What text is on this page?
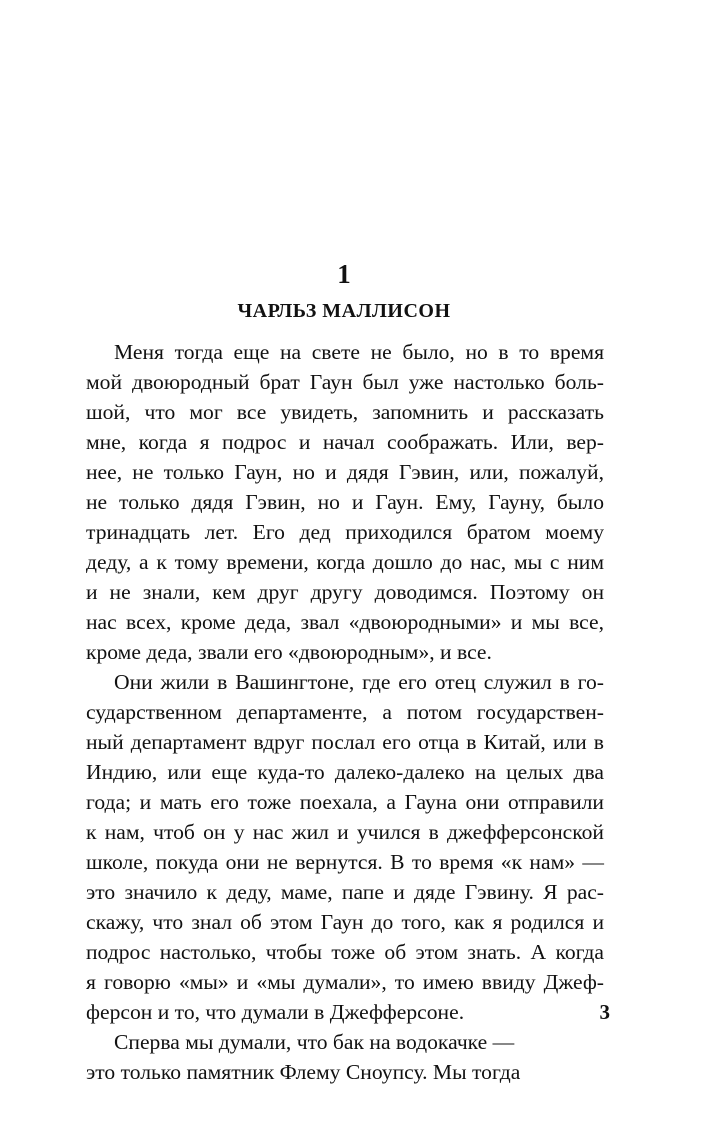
1
ЧАРЛЬЗ МАЛЛИСОН
Меня тогда еще на свете не было, но в то время
мой двоюродный брат Гаун был уже настолько боль-
шой, что мог все увидеть, запомнить и рассказать
мне, когда я подрос и начал соображать. Или, вер-
нее, не только Гаун, но и дядя Гэвин, или, пожалуй,
не только дядя Гэвин, но и Гаун. Ему, Гауну, было
тринадцать лет. Его дед приходился братом моему
деду, а к тому времени, когда дошло до нас, мы с ним
и не знали, кем друг другу доводимся. Поэтому он
нас всех, кроме деда, звал «двоюродными» и мы все,
кроме деда, звали его «двоюродным», и все.
Они жили в Вашингтоне, где его отец служил в го-
сударственном департаменте, а потом государствен-
ный департамент вдруг послал его отца в Китай, или в
Индию, или еще куда-то далеко-далеко на целых два
года; и мать его тоже поехала, а Гауна они отправили
к нам, чтоб он у нас жил и учился в джефферсонской
школе, покуда они не вернутся. В то время «к нам» —
это значило к деду, маме, папе и дяде Гэвину. Я рас-
скажу, что знал об этом Гаун до того, как я родился и
подрос настолько, чтобы тоже об этом знать. А когда
я говорю «мы» и «мы думали», то имею ввиду Джеф-
ферсон и то, что думали в Джефферсоне.
Сперва мы думали, что бак на водокачке —
это только памятник Флему Сноупсу. Мы тогда
3
